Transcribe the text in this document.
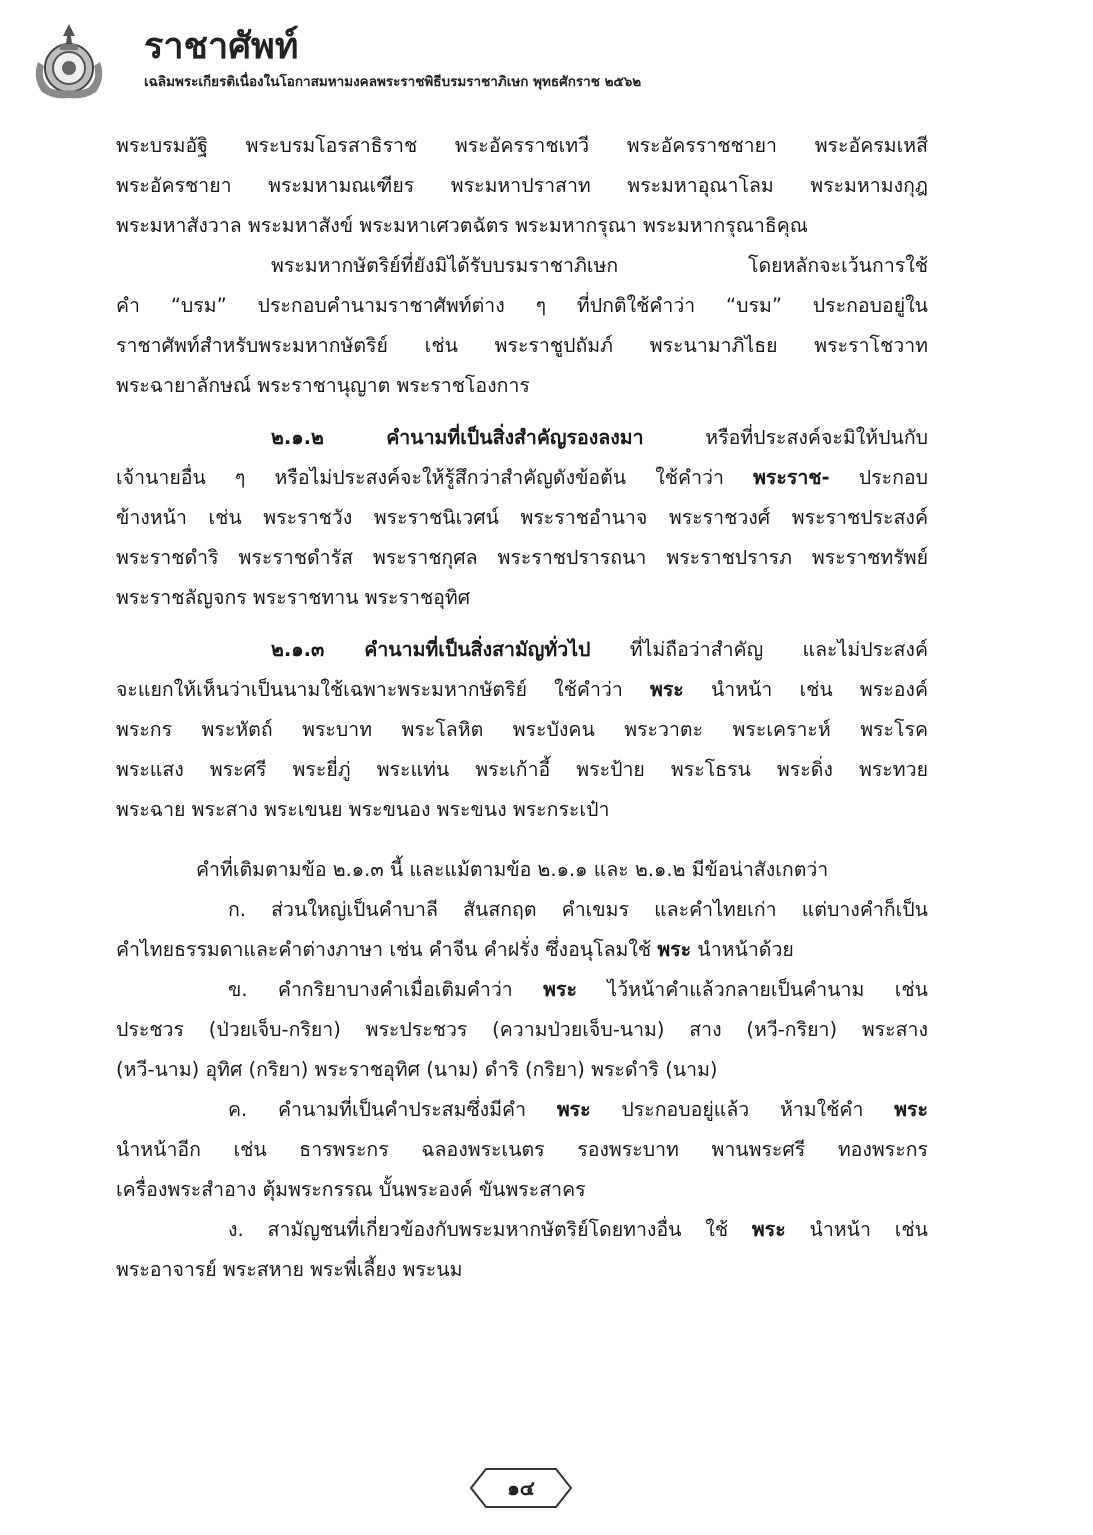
ราชาศัพท์
เฉลิมพระเกียรติเนื่องในโอกาสมหามงคลพระราชพิธีบรมราชาภิเษก พุทธศักราช ๒๕๖๒
พระบรมอัฐิ พระบรมโอรสาธิราช พระอัครราชเทวี พระอัครราชชายา พระอัครมเหสี
พระอัครชายา พระมหามณเฑียร พระมหาปราสาท พระมหาอุณาโลม พระมหามงกุฎ
พระมหาสังวาล พระมหาสังข์ พระมหาเศวตฉัตร พระมหากรุณา พระมหากรุณาธิคุณ
พระมหากษัตริย์ที่ยังมิได้รับบรมราชาภิเษก โดยหลักจะเว้นการใช้
คำ “บรม” ประกอบคำนามราชาศัพท์ต่าง ๆ ที่ปกติใช้คำว่า “บรม” ประกอบอยู่ใน
ราชาศัพท์สำหรับพระมหากษัตริย์ เช่น พระราชูปถัมภ์ พระนามาภิไธย พระราโชวาท
พระฉายาลักษณ์ พระราชานุญาต พระราชโองการ
๒.๑.๒ คำนามที่เป็นสิ่งสำคัญรองลงมา หรือที่ประสงค์จะมิให้ปนกับ
เจ้านายอื่น ๆ หรือไม่ประสงค์จะให้รู้สึกว่าสำคัญดังข้อต้น ใช้คำว่า พระราช- ประกอบ
ข้างหน้า เช่น พระราชวัง พระราชนิเวศน์ พระราชอำนาจ พระราชวงศ์ พระราชประสงค์
พระราชดำริ พระราชดำรัส พระราชกุศล พระราชปรารถนา พระราชปรารภ พระราชทรัพย์
พระราชลัญจกร พระราชทาน พระราชอุทิศ
๒.๑.๓ คำนามที่เป็นสิ่งสามัญทั่วไป ที่ไม่ถือว่าสำคัญ และไม่ประสงค์
จะแยกให้เห็นว่าเป็นนามใช้เฉพาะพระมหากษัตริย์ ใช้คำว่า พระ นำหน้า เช่น พระองค์
พระกร พระหัตถ์ พระบาท พระโลหิต พระบังคน พระวาตะ พระเคราะห์ พระโรค
พระแสง พระศรี พระยี่ภู่ พระแท่น พระเก้าอี้ พระป้าย พระโธรน พระดิ่ง พระทวย
พระฉาย พระสาง พระเขนย พระขนอง พระขนง พระกระเป๋า
คำที่เติมตามข้อ ๒.๑.๓ นี้ และแม้ตามข้อ ๒.๑.๑ และ ๒.๑.๒ มีข้อน่าสังเกตว่า
ก. ส่วนใหญ่เป็นคำบาลี สันสกฤต คำเขมร และคำไทยเก่า แต่บางคำก็เป็น
คำไทยธรรมดาและคำต่างภาษา เช่น คำจีน คำฝรั่ง ซึ่งอนุโลมใช้ พระ นำหน้าด้วย
ข. คำกริยาบางคำเมื่อเติมคำว่า พระ ไว้หน้าคำแล้วกลายเป็นคำนาม เช่น
ประชวร (ป่วยเจ็บ-กริยา) พระประชวร (ความป่วยเจ็บ-นาม) สาง (หวี-กริยา) พระสาง
(หวี-นาม) อุทิศ (กริยา) พระราชอุทิศ (นาม) ดำริ (กริยา) พระดำริ (นาม)
ค. คำนามที่เป็นคำประสมซึ่งมีคำ พระ ประกอบอยู่แล้ว ห้ามใช้คำ พระ
นำหน้าอีก เช่น ธารพระกร ฉลองพระเนตร รองพระบาท พานพระศรี ทองพระกร
เครื่องพระสำอาง ตุ้มพระกรรณ บั้นพระองค์ ขันพระสาคร
ง. สามัญชนที่เกี่ยวข้องกับพระมหากษัตริย์โดยทางอื่น ใช้ พระ นำหน้า เช่น
พระอาจารย์ พระสหาย พระพี่เลี้ยง พระนม
๑๔
